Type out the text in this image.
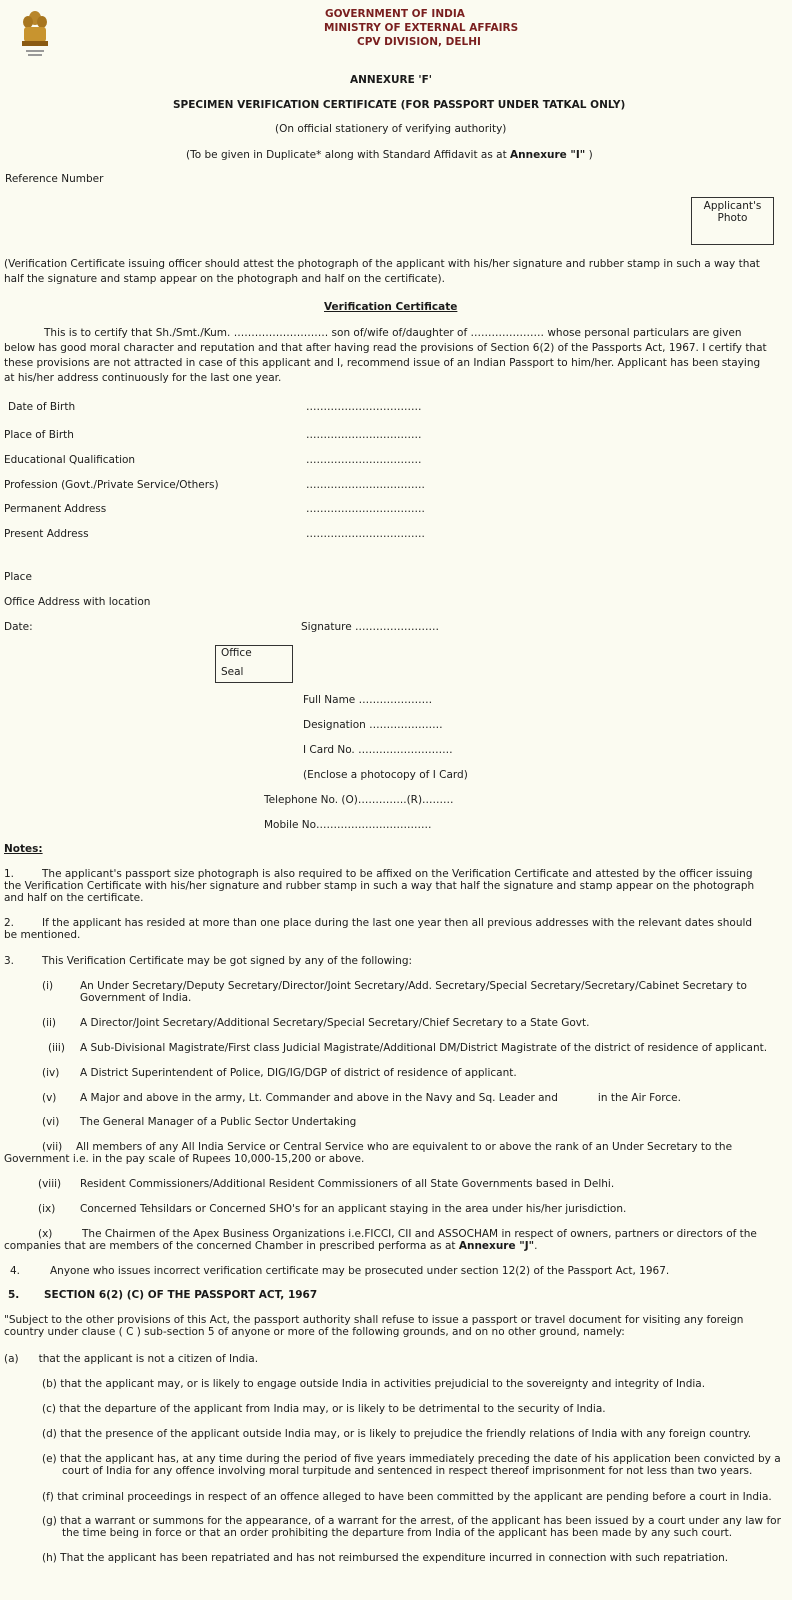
GOVERNMENT OF INDIA
MINISTRY OF EXTERNAL AFFAIRS
CPV DIVISION, DELHI
ANNEXURE 'F'
SPECIMEN VERIFICATION CERTIFICATE (FOR PASSPORT UNDER TATKAL ONLY)
(On official stationery of verifying authority)
(To be given in Duplicate* along with Standard Affidavit as at Annexure "I" )
Reference Number
Applicant's
Photo
(Verification Certificate issuing officer should attest the photograph of the applicant with his/her signature and rubber stamp in such a way that half the signature and stamp appear on the photograph and half on the certificate).
Verification Certificate
This is to certify that Sh./Smt./Kum. ……………………… son of/wife of/daughter of ………………… whose personal particulars are given below has good moral character and reputation and that after having read the provisions of Section 6(2) of the Passports Act, 1967. I certify that these provisions are not attracted in case of this applicant and I, recommend issue of an Indian Passport to him/her. Applicant has been staying at his/her address continuously for the last one year.
Date of Birth	……………………………
Place of Birth	……………………………
Educational Qualification	……………………………
Profession (Govt./Private Service/Others)	…………………………….
Permanent Address	…………………………….
Present Address	…………………………….
Place
Office Address with location
Date:	Signature ……………………
Office
Seal
Full Name …………………
Designation …………………
I Card No. ………………………
(Enclose a photocopy of I Card)
Telephone No. (O)…………..(R)………
Mobile No……………………………
Notes:
1.	The applicant's passport size photograph is also required to be affixed on the Verification Certificate and attested by the officer issuing the Verification Certificate with his/her signature and rubber stamp in such a way that half the signature and stamp appear on the photograph and half on the certificate.
2.	If the applicant has resided at more than one place during the last one year then all previous addresses with the relevant dates should be mentioned.
3.	This Verification Certificate may be got signed by any of the following:
(i)	An Under Secretary/Deputy Secretary/Director/Joint Secretary/Add. Secretary/Special Secretary/Secretary/Cabinet Secretary to Government of India.
(ii) A Director/Joint Secretary/Additional Secretary/Special Secretary/Chief Secretary to a State Govt.
(iii) A Sub-Divisional Magistrate/First class Judicial Magistrate/Additional DM/District Magistrate of the district of residence of applicant.
(iv) A District Superintendent of Police, DIG/IG/DGP of district of residence of applicant.
(v) A Major and above in the army, Lt. Commander and above in the Navy and Sq. Leader and            in the Air Force.
(vi) The General Manager of a Public Sector Undertaking
(vii)	All members of any All India Service or Central Service who are equivalent to or above the rank of an Under Secretary to the Government i.e. in the pay scale of Rupees 10,000-15,200 or above.
(viii) Resident Commissioners/Additional Resident Commissioners of all State Governments based in Delhi.
(ix) Concerned Tehsildars or Concerned SHO's for an applicant staying in the area under his/her jurisdiction.
(x)	The Chairmen of the Apex Business Organizations i.e.FICCI, CII and ASSOCHAM in respect of owners, partners or directors of the companies that are members of the concerned Chamber in prescribed performa as at Annexure "J".
4.	Anyone who issues incorrect verification certificate may be prosecuted under section 12(2) of the Passport Act, 1967.
5. SECTION 6(2) (C) OF THE PASSPORT ACT, 1967
"Subject to the other provisions of this Act, the passport authority shall refuse to issue a passport or travel document for visiting any foreign country under clause ( C ) sub-section 5 of anyone or more of the following grounds, and on no other ground, namely:
(a)      that the applicant is not a citizen of India.
(b) that the applicant may, or is likely to engage outside India in activities prejudicial to the sovereignty and integrity of India.
(c) that the departure of the applicant from India may, or is likely to be detrimental to the security of India.
(d) that the presence of the applicant outside India may, or is likely to prejudice the friendly relations of India with any foreign country.
(e) that the applicant has, at any time during the period of five years immediately preceding the date of his application been convicted by a court of India for any offence involving moral turpitude and sentenced in respect thereof imprisonment for not less than two years.
(f) that criminal proceedings in respect of an offence alleged to have been committed by the applicant are pending before a court in India.
(g) that a warrant or summons for the appearance, of a warrant for the arrest, of the applicant has been issued by a court under any law for the time being in force or that an order prohibiting the departure from India of the applicant has been made by any such court.
(h) That the applicant has been repatriated and has not reimbursed the expenditure incurred in connection with such repatriation.
